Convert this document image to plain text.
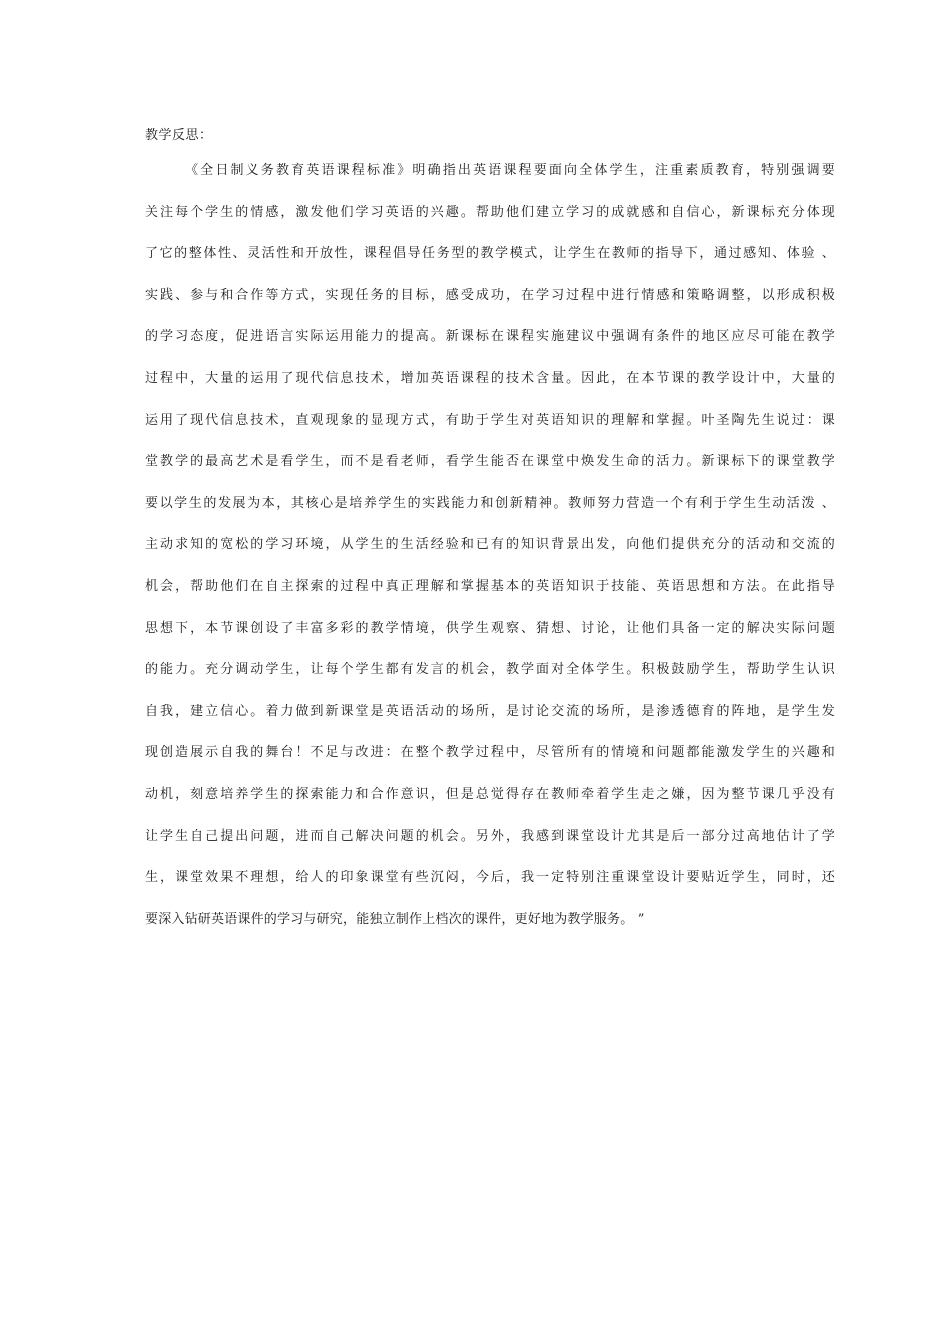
教学反思：
《全日制义务教育英语课程标准》明确指出英语课程要面向全体学生，注重素质教育，特别强调要
关注每个学生的情感，激发他们学习英语的兴趣。帮助他们建立学习的成就感和自信心，新课标充分体现
了它的整体性、灵活性和开放性，课程倡导任务型的教学模式，让学生在教师的指导下，通过感知、体验 、
实践、参与和合作等方式，实现任务的目标，感受成功，在学习过程中进行情感和策略调整，以形成积极
的学习态度，促进语言实际运用能力的提高。新课标在课程实施建议中强调有条件的地区应尽可能在教学
过程中，大量的运用了现代信息技术，增加英语课程的技术含量。因此，在本节课的教学设计中，大量的
运用了现代信息技术，直观现象的显现方式，有助于学生对英语知识的理解和掌握。叶圣陶先生说过：课
堂教学的最高艺术是看学生，而不是看老师，看学生能否在课堂中焕发生命的活力。新课标下的课堂教学
要以学生的发展为本，其核心是培养学生的实践能力和创新精神。教师努力营造一个有利于学生生动活泼 、
主动求知的宽松的学习环境，从学生的生活经验和已有的知识背景出发，向他们提供充分的活动和交流的
机会，帮助他们在自主探索的过程中真正理解和掌握基本的英语知识于技能、英语思想和方法。在此指导
思想下，本节课创设了丰富多彩的教学情境，供学生观察、猜想、讨论，让他们具备一定的解决实际问题
的能力。充分调动学生，让每个学生都有发言的机会，教学面对全体学生。积极鼓励学生，帮助学生认识
自我，建立信心。着力做到新课堂是英语活动的场所，是讨论交流的场所，是渗透德育的阵地，是学生发
现创造展示自我的舞台！不足与改进：在整个教学过程中，尽管所有的情境和问题都能激发学生的兴趣和
动机，刻意培养学生的探索能力和合作意识，但是总觉得存在教师牵着学生走之嫌，因为整节课几乎没有
让学生自己提出问题，进而自己解决问题的机会。另外，我感到课堂设计尤其是后一部分过高地估计了学
生，课堂效果不理想，给人的印象课堂有些沉闷，今后，我一定特别注重课堂设计要贴近学生，同时，还
要深入钻研英语课件的学习与研究，能独立制作上档次的课件，更好地为教学服务。 ”
